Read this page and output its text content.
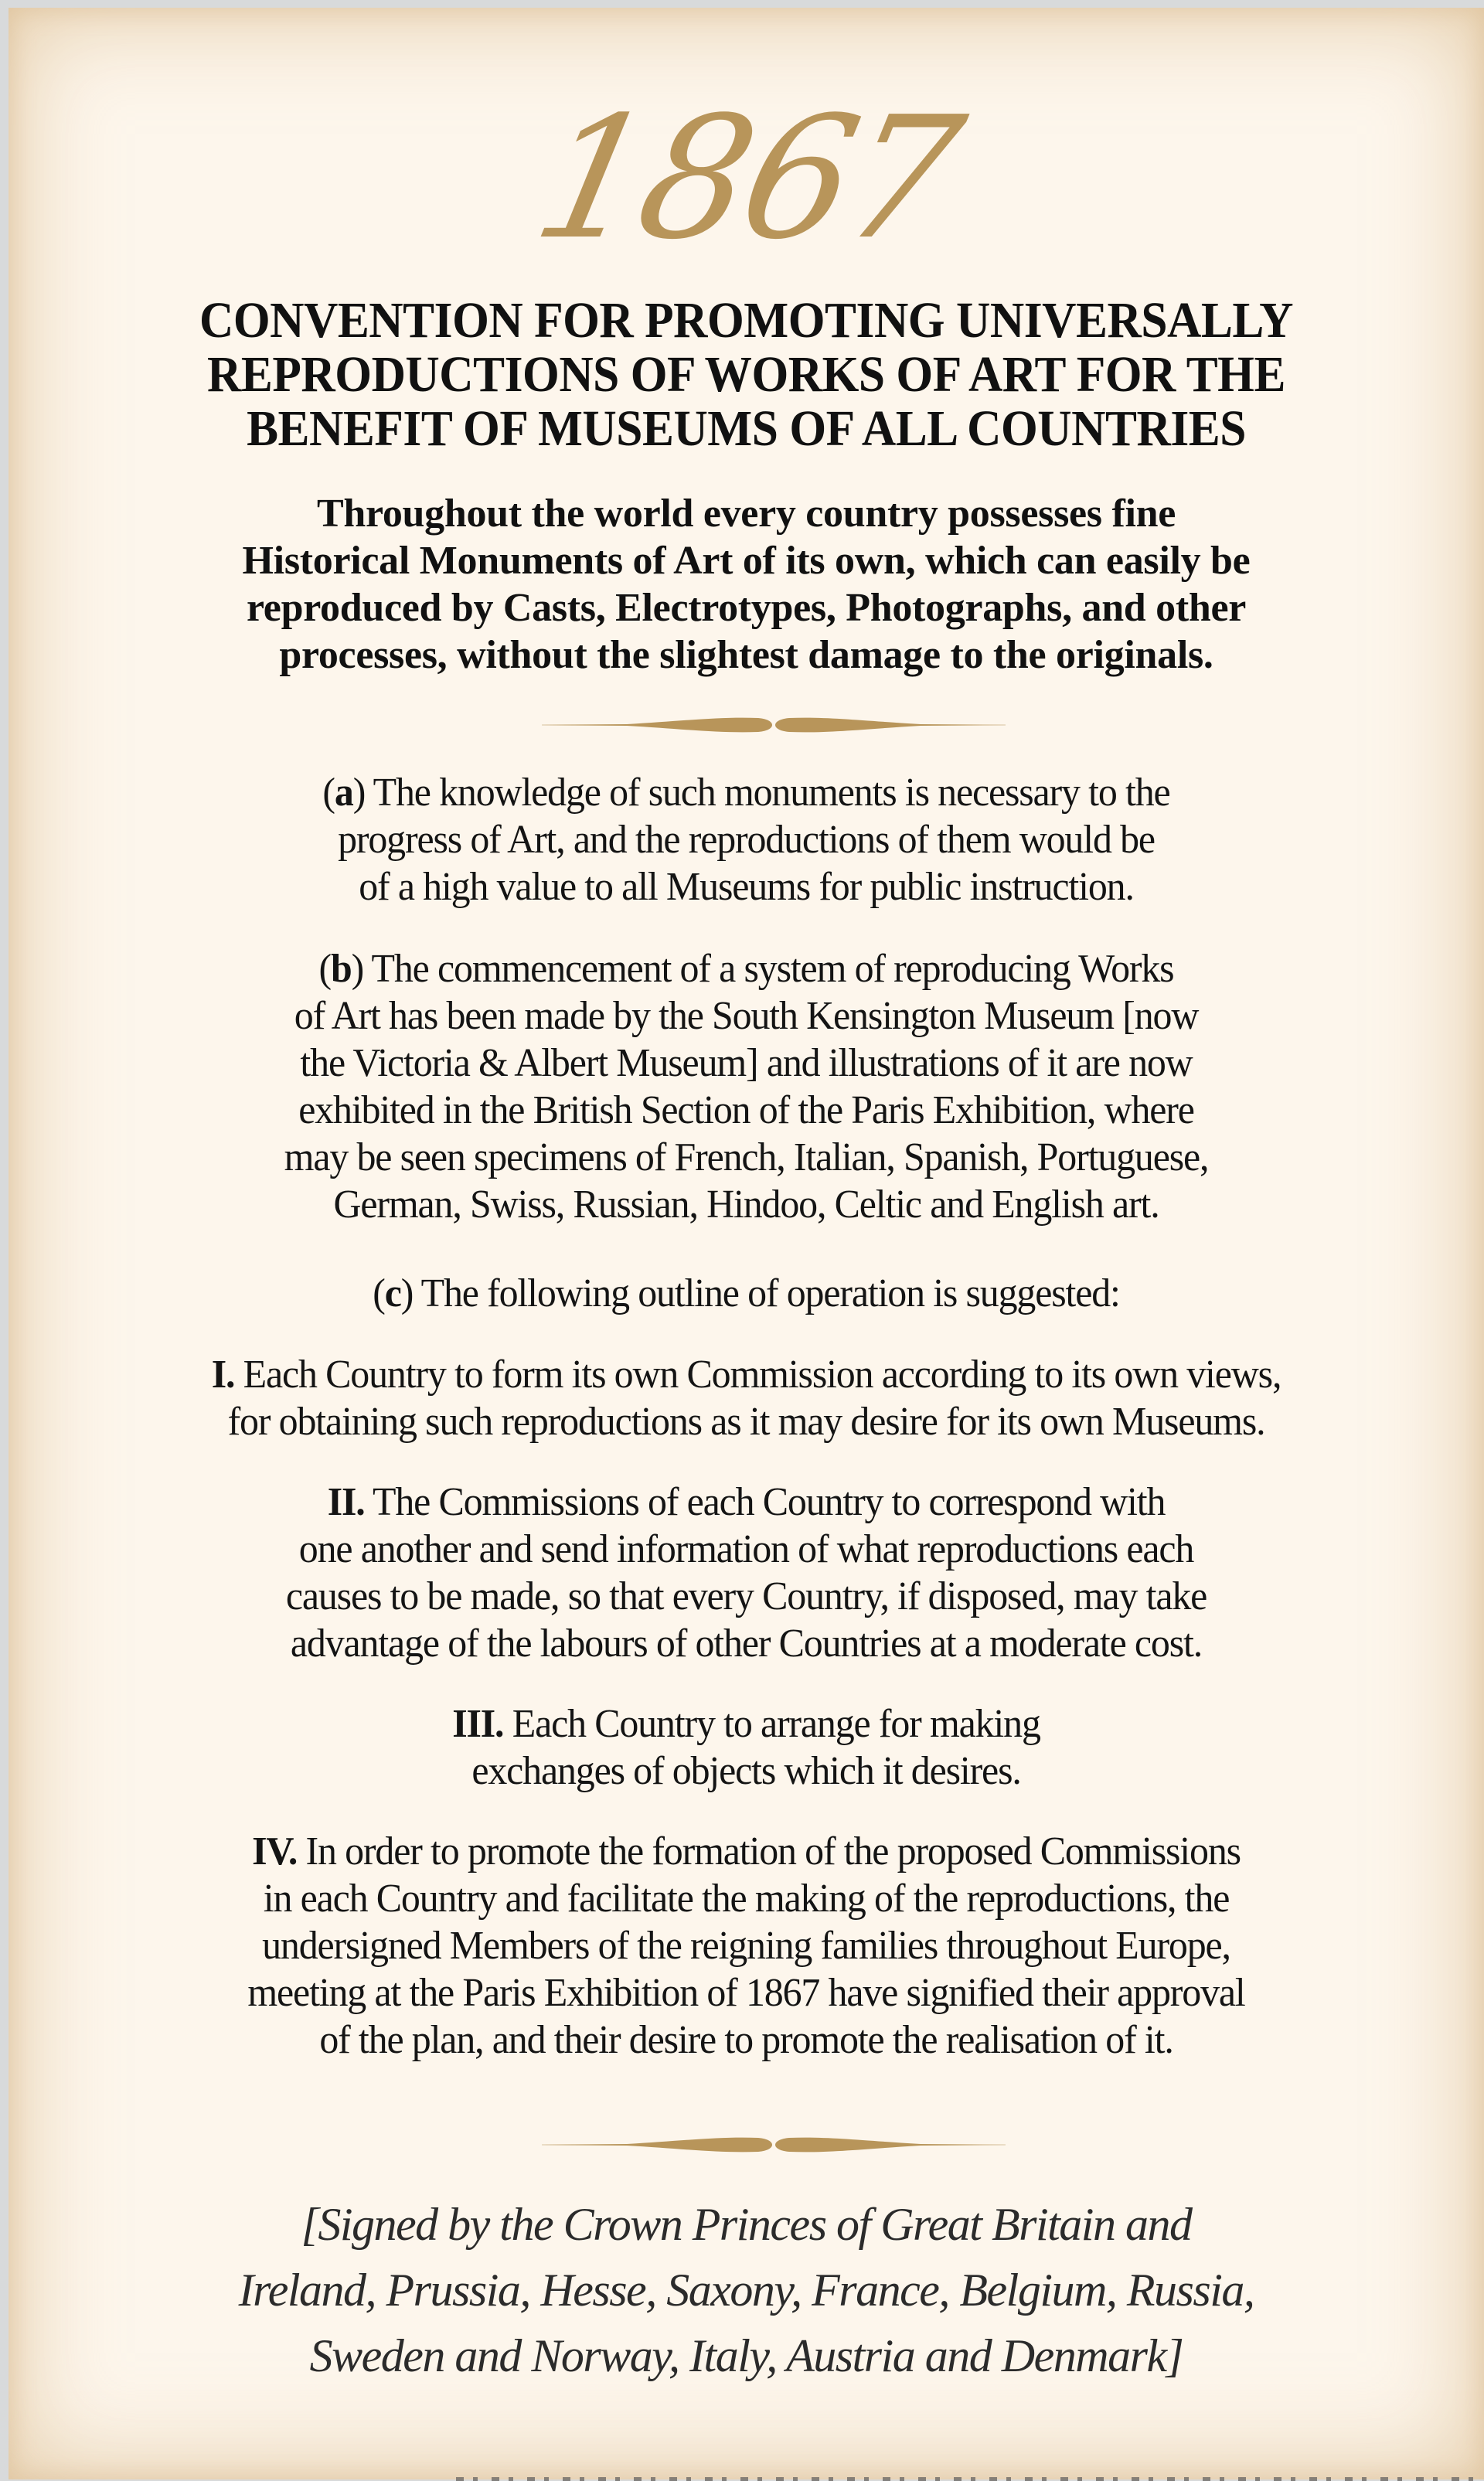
1867
CONVENTION FOR PROMOTING UNIVERSALLY
REPRODUCTIONS OF WORKS OF ART FOR THE
BENEFIT OF MUSEUMS OF ALL COUNTRIES
Throughout the world every country possesses fine
Historical Monuments of Art of its own, which can easily be
reproduced by Casts, Electrotypes, Photographs, and other
processes, without the slightest damage to the originals.
(a) The knowledge of such monuments is necessary to the
progress of Art, and the reproductions of them would be
of a high value to all Museums for public instruction.
(b) The commencement of a system of reproducing Works
of Art has been made by the South Kensington Museum [now
the Victoria & Albert Museum] and illustrations of it are now
exhibited in the British Section of the Paris Exhibition, where
may be seen specimens of French, Italian, Spanish, Portuguese,
German, Swiss, Russian, Hindoo, Celtic and English art.
(c) The following outline of operation is suggested:
I. Each Country to form its own Commission according to its own views,
for obtaining such reproductions as it may desire for its own Museums.
II. The Commissions of each Country to correspond with
one another and send information of what reproductions each
causes to be made, so that every Country, if disposed, may take
advantage of the labours of other Countries at a moderate cost.
III. Each Country to arrange for making
exchanges of objects which it desires.
IV. In order to promote the formation of the proposed Commissions
in each Country and facilitate the making of the reproductions, the
undersigned Members of the reigning families throughout Europe,
meeting at the Paris Exhibition of 1867 have signified their approval
of the plan, and their desire to promote the realisation of it.
[Signed by the Crown Princes of Great Britain and
Ireland, Prussia, Hesse, Saxony, France, Belgium, Russia,
Sweden and Norway, Italy, Austria and Denmark]
